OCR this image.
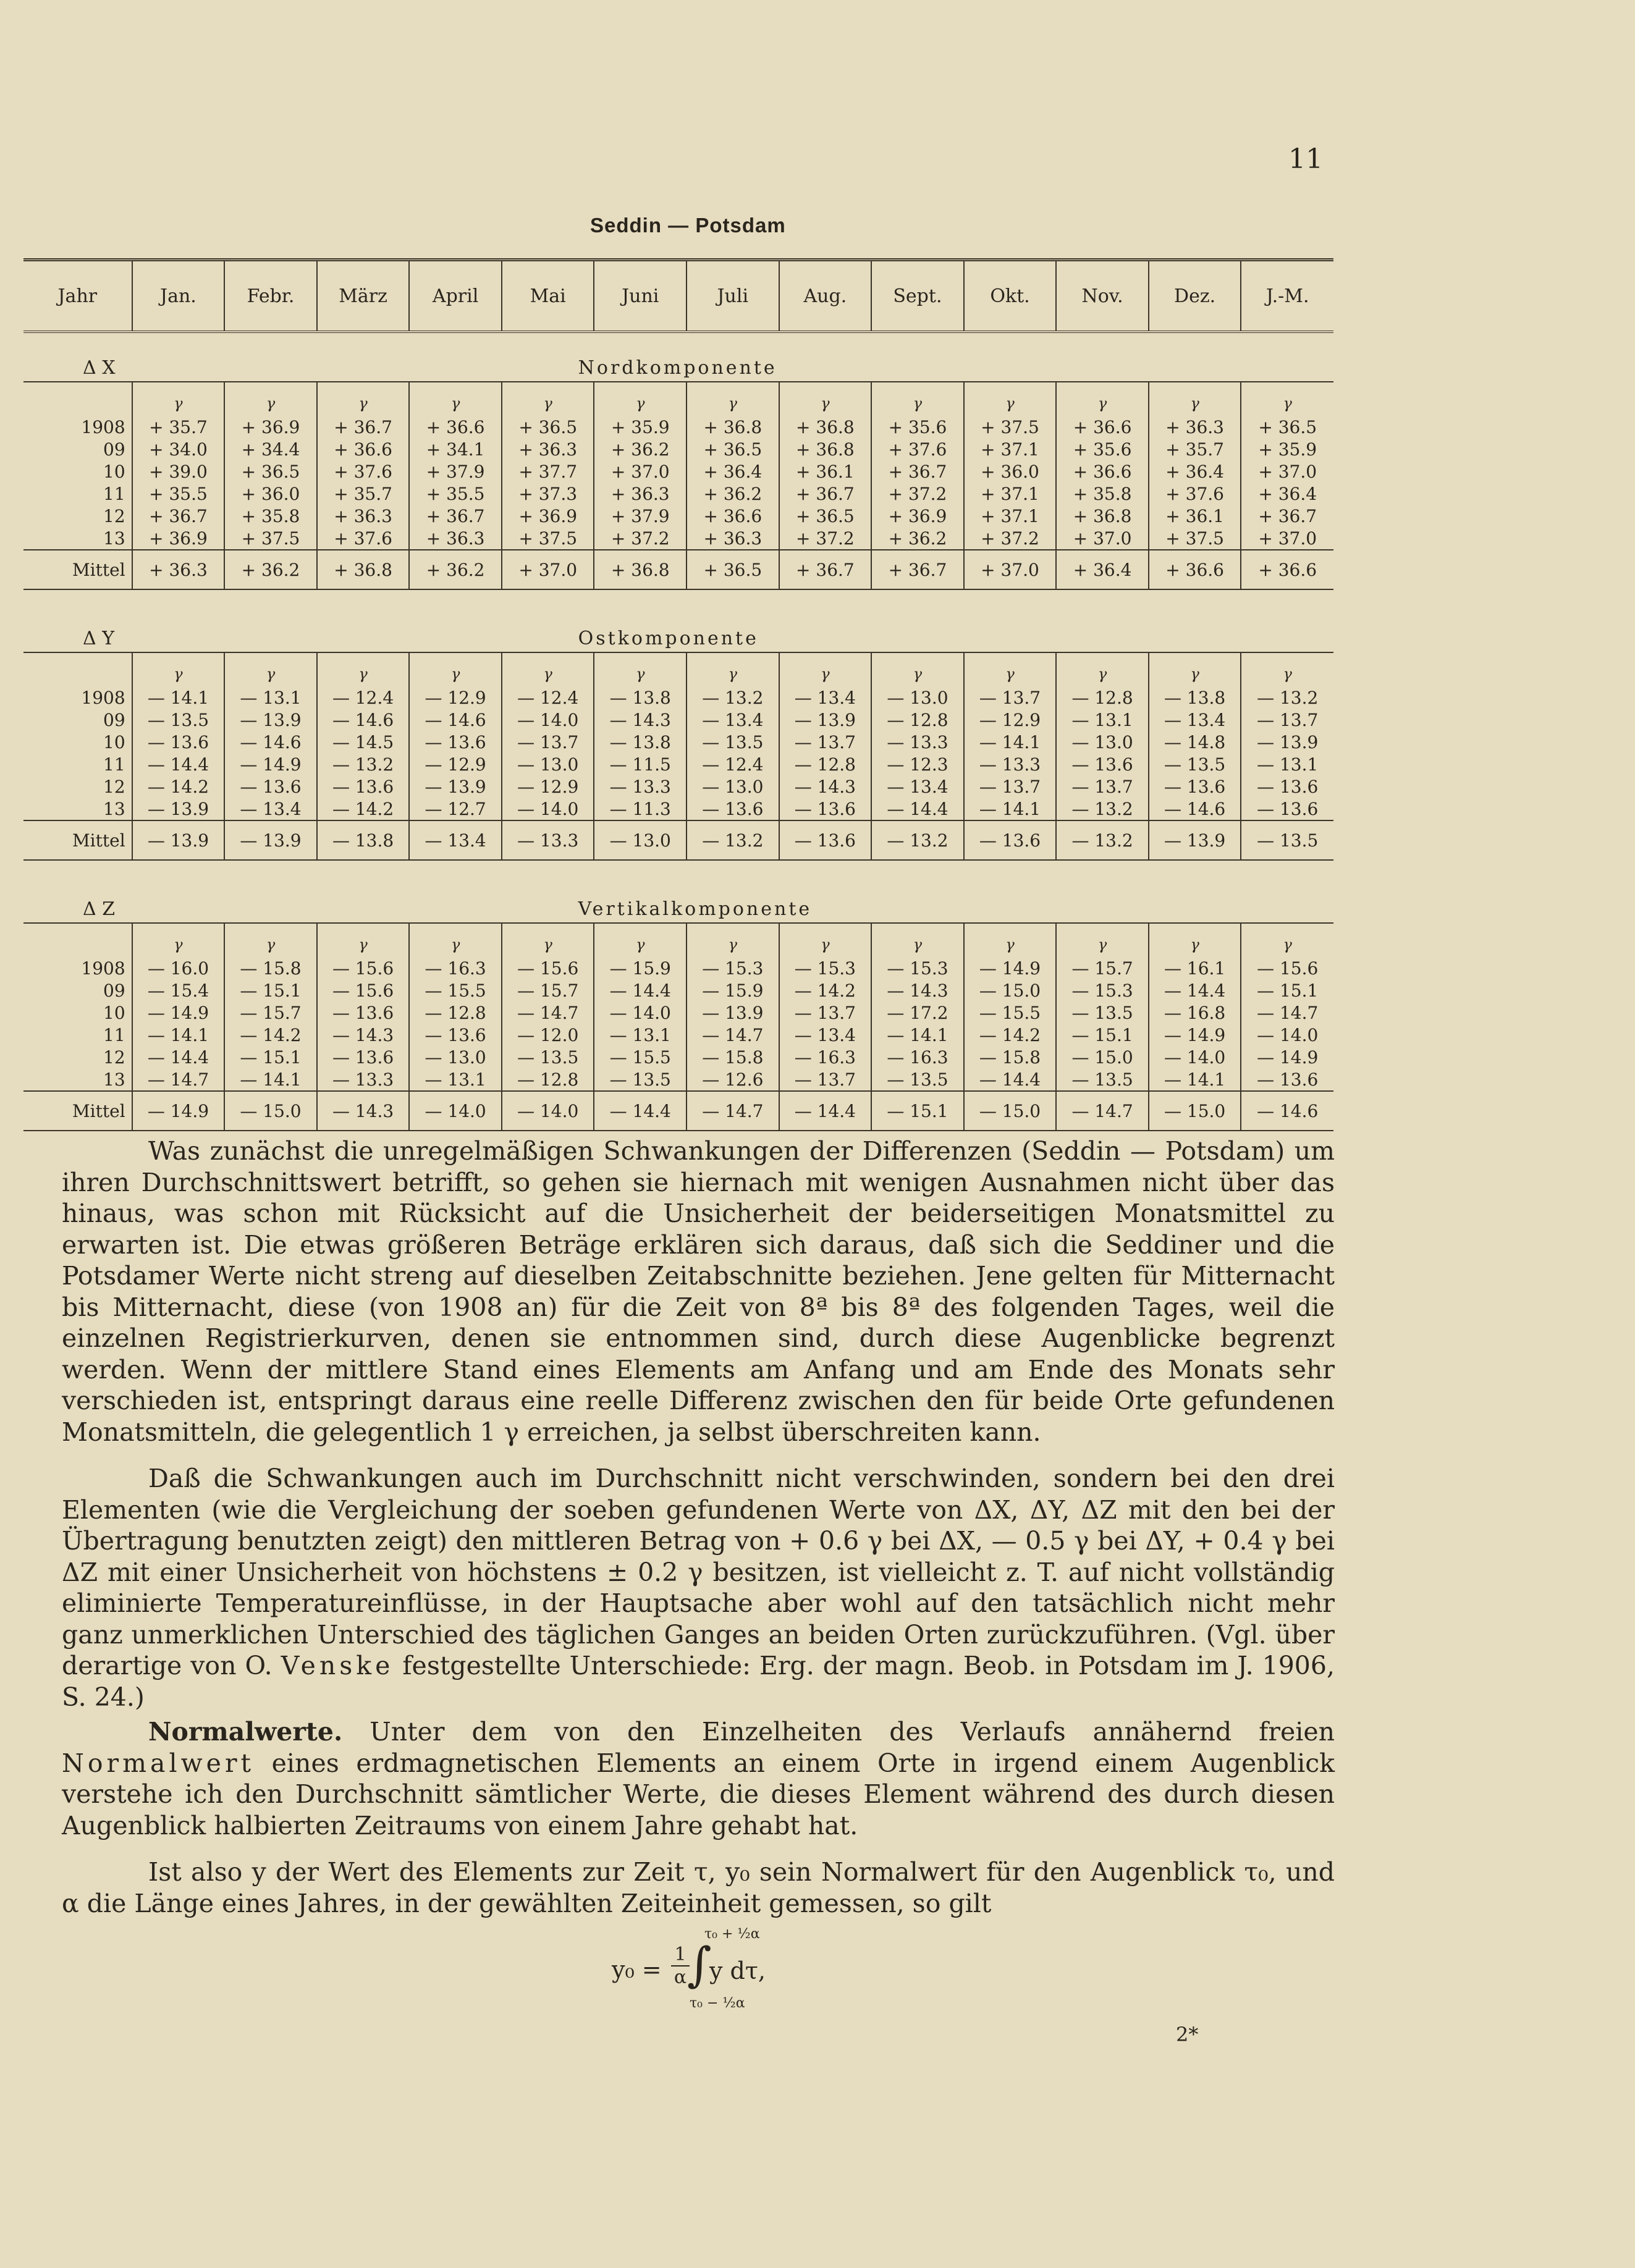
11
Seddin — Potsdam
Jahr	Jan.	Febr.	März	April	Mai	Juni	Juli	Aug.	Sept.	Okt.	Nov.	Dez.	J.-M.
Δ X	Nordkomponente												
	γ	γ	γ	γ	γ	γ	γ	γ	γ	γ	γ	γ	γ
1908	+ 35.7	+ 36.9	+ 36.7	+ 36.6	+ 36.5	+ 35.9	+ 36.8	+ 36.8	+ 35.6	+ 37.5	+ 36.6	+ 36.3	+ 36.5
09	+ 34.0	+ 34.4	+ 36.6	+ 34.1	+ 36.3	+ 36.2	+ 36.5	+ 36.8	+ 37.6	+ 37.1	+ 35.6	+ 35.7	+ 35.9
10	+ 39.0	+ 36.5	+ 37.6	+ 37.9	+ 37.7	+ 37.0	+ 36.4	+ 36.1	+ 36.7	+ 36.0	+ 36.6	+ 36.4	+ 37.0
11	+ 35.5	+ 36.0	+ 35.7	+ 35.5	+ 37.3	+ 36.3	+ 36.2	+ 36.7	+ 37.2	+ 37.1	+ 35.8	+ 37.6	+ 36.4
12	+ 36.7	+ 35.8	+ 36.3	+ 36.7	+ 36.9	+ 37.9	+ 36.6	+ 36.5	+ 36.9	+ 37.1	+ 36.8	+ 36.1	+ 36.7
13	+ 36.9	+ 37.5	+ 37.6	+ 36.3	+ 37.5	+ 37.2	+ 36.3	+ 37.2	+ 36.2	+ 37.2	+ 37.0	+ 37.5	+ 37.0
Mittel	+ 36.3	+ 36.2	+ 36.8	+ 36.2	+ 37.0	+ 36.8	+ 36.5	+ 36.7	+ 36.7	+ 37.0	+ 36.4	+ 36.6	+ 36.6

Δ Y	Ostkomponente												
	γ	γ	γ	γ	γ	γ	γ	γ	γ	γ	γ	γ	γ
1908	— 14.1	— 13.1	— 12.4	— 12.9	— 12.4	— 13.8	— 13.2	— 13.4	— 13.0	— 13.7	— 12.8	— 13.8	— 13.2
09	— 13.5	— 13.9	— 14.6	— 14.6	— 14.0	— 14.3	— 13.4	— 13.9	— 12.8	— 12.9	— 13.1	— 13.4	— 13.7
10	— 13.6	— 14.6	— 14.5	— 13.6	— 13.7	— 13.8	— 13.5	— 13.7	— 13.3	— 14.1	— 13.0	— 14.8	— 13.9
11	— 14.4	— 14.9	— 13.2	— 12.9	— 13.0	— 11.5	— 12.4	— 12.8	— 12.3	— 13.3	— 13.6	— 13.5	— 13.1
12	— 14.2	— 13.6	— 13.6	— 13.9	— 12.9	— 13.3	— 13.0	— 14.3	— 13.4	— 13.7	— 13.7	— 13.6	— 13.6
13	— 13.9	— 13.4	— 14.2	— 12.7	— 14.0	— 11.3	— 13.6	— 13.6	— 14.4	— 14.1	— 13.2	— 14.6	— 13.6
Mittel	— 13.9	— 13.9	— 13.8	— 13.4	— 13.3	— 13.0	— 13.2	— 13.6	— 13.2	— 13.6	— 13.2	— 13.9	— 13.5

Δ Z	Vertikalkomponente												
	γ	γ	γ	γ	γ	γ	γ	γ	γ	γ	γ	γ	γ
1908	— 16.0	— 15.8	— 15.6	— 16.3	— 15.6	— 15.9	— 15.3	— 15.3	— 15.3	— 14.9	— 15.7	— 16.1	— 15.6
09	— 15.4	— 15.1	— 15.6	— 15.5	— 15.7	— 14.4	— 15.9	— 14.2	— 14.3	— 15.0	— 15.3	— 14.4	— 15.1
10	— 14.9	— 15.7	— 13.6	— 12.8	— 14.7	— 14.0	— 13.9	— 13.7	— 17.2	— 15.5	— 13.5	— 16.8	— 14.7
11	— 14.1	— 14.2	— 14.3	— 13.6	— 12.0	— 13.1	— 14.7	— 13.4	— 14.1	— 14.2	— 15.1	— 14.9	— 14.0
12	— 14.4	— 15.1	— 13.6	— 13.0	— 13.5	— 15.5	— 15.8	— 16.3	— 16.3	— 15.8	— 15.0	— 14.0	— 14.9
13	— 14.7	— 14.1	— 13.3	— 13.1	— 12.8	— 13.5	— 12.6	— 13.7	— 13.5	— 14.4	— 13.5	— 14.1	— 13.6
Mittel	— 14.9	— 15.0	— 14.3	— 14.0	— 14.0	— 14.4	— 14.7	— 14.4	— 15.1	— 15.0	— 14.7	— 15.0	— 14.6

Was zunächst die unregelmäßigen Schwankungen der Differenzen (Seddin — Potsdam) um ihren Durchschnittswert betrifft, so gehen sie hiernach mit wenigen Ausnahmen nicht über das hinaus, was schon mit Rücksicht auf die Unsicherheit der beiderseitigen Monatsmittel zu erwarten ist. Die etwas größeren Beträge erklären sich daraus, daß sich die Seddiner und die Potsdamer Werte nicht streng auf dieselben Zeitabschnitte beziehen. Jene gelten für Mitternacht bis Mitternacht, diese (von 1908 an) für die Zeit von 8ª bis 8ª des folgenden Tages, weil die einzelnen Registrierkurven, denen sie entnommen sind, durch diese Augenblicke begrenzt werden. Wenn der mittlere Stand eines Elements am Anfang und am Ende des Monats sehr verschieden ist, entspringt daraus eine reelle Differenz zwischen den für beide Orte gefundenen Monatsmitteln, die gelegentlich 1 γ erreichen, ja selbst überschreiten kann.

Daß die Schwankungen auch im Durchschnitt nicht verschwinden, sondern bei den drei Elementen (wie die Vergleichung der soeben gefundenen Werte von ΔX, ΔY, ΔZ mit den bei der Übertragung benutzten zeigt) den mittleren Betrag von + 0.6 γ bei ΔX, — 0.5 γ bei ΔY, + 0.4 γ bei ΔZ mit einer Unsicherheit von höchstens ± 0.2 γ besitzen, ist vielleicht z. T. auf nicht vollständig eliminierte Temperatureinflüsse, in der Hauptsache aber wohl auf den tatsächlich nicht mehr ganz unmerklichen Unterschied des täglichen Ganges an beiden Orten zurückzuführen. (Vgl. über derartige von O. Venske festgestellte Unterschiede: Erg. der magn. Beob. in Potsdam im J. 1906, S. 24.)

Normalwerte. Unter dem von den Einzelheiten des Verlaufs annähernd freien Normalwert eines erdmagnetischen Elements an einem Orte in irgend einem Augenblick verstehe ich den Durchschnitt sämtlicher Werte, die dieses Element während des durch diesen Augenblick halbierten Zeitraums von einem Jahre gehabt hat.

Ist also y der Wert des Elements zur Zeit τ, y₀ sein Normalwert für den Augenblick τ₀, und α die Länge eines Jahres, in der gewählten Zeiteinheit gemessen, so gilt

τ₀ + ½α
$y_0 = \frac{1}{\alpha}$
∫
y dτ,
τ₀ − ½α
2*
